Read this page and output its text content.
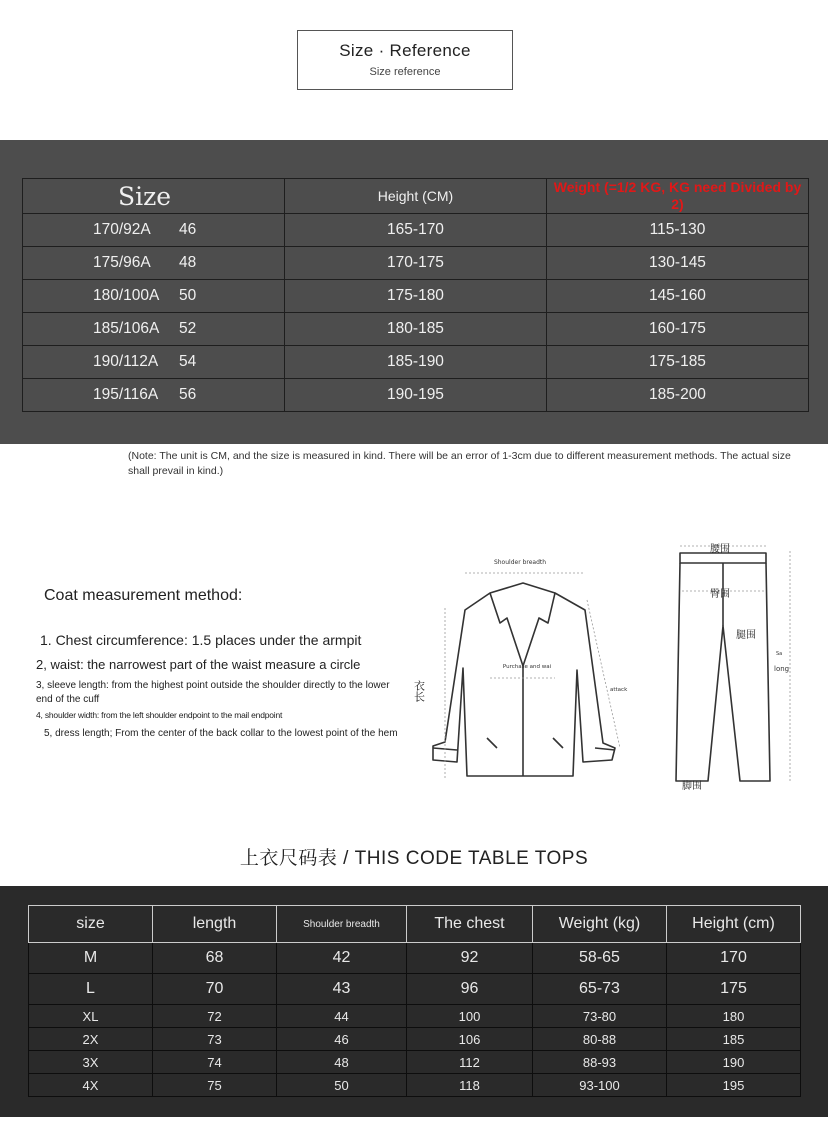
Size · Reference
Size reference
Size	Height (CM)	Weight (=1/2 KG, KG need Divided by 2)
170/92A 46	165-170	115-130
175/96A 48	170-175	130-145
180/100A 50	175-180	145-160
185/106A 52	180-185	160-175
190/112A 54	185-190	175-185
195/116A 56	190-195	185-200
(Note: The unit is CM, and the size is measured in kind. There will be an error of 1-3cm due to different measurement methods. The actual size shall prevail in kind.)
Coat measurement method:
1. Chest circumference: 1.5 places under the armpit
2, waist: the narrowest part of the waist measure a circle
3, sleeve length: from the highest point outside the shoulder directly to the lower end of the cuff
4, shoulder width: from the left shoulder endpoint to the mail endpoint
5, dress length; From the center of the back collar to the lowest point of the hem
Shoulder breadth
Purchase and wai
attack
衣长
腰围
臀围
腿围
Sa
long
脚围
上衣尺码表 / THIS CODE TABLE TOPS
size	length	Shoulder breadth	The chest	Weight (kg)	Height (cm)
M	68	42	92	58-65	170
L	70	43	96	65-73	175
XL	72	44	100	73-80	180
2X	73	46	106	80-88	185
3X	74	48	112	88-93	190
4X	75	50	118	93-100	195
